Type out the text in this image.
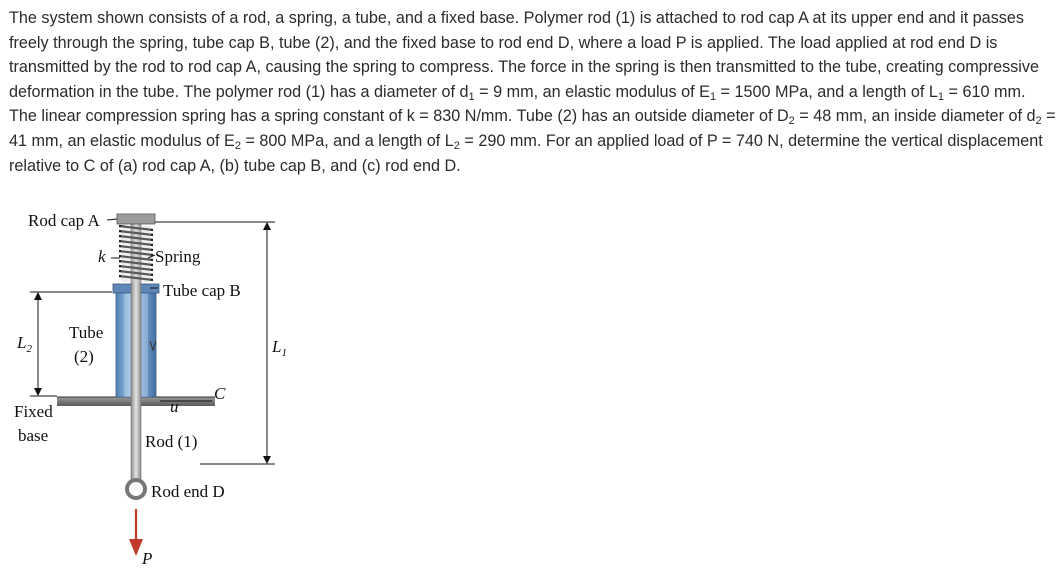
The system shown consists of a rod, a spring, a tube, and a fixed base. Polymer rod (1) is attached to rod cap A at its upper end and it passes freely through the spring, tube cap B, tube (2), and the fixed base to rod end D, where a load P is applied. The load applied at rod end D is transmitted by the rod to rod cap A, causing the spring to compress. The force in the spring is then transmitted to the tube, creating compressive deformation in the tube. The polymer rod (1) has a diameter of $d_1 = 9$ mm, an elastic modulus of $E_1 = 1500$ MPa, and a length of $L_1 = 610$ mm. The linear compression spring has a spring constant of k = 830 N/mm. Tube (2) has an outside diameter of $D_2 = 48$ mm, an inside diameter of $d_2 = 41$ mm, an elastic modulus of $E_2 = 800$ MPa, and a length of $L_2 = 290$ mm. For an applied load of P = 740 N, determine the vertical displacement relative to C of (a) rod cap A, (b) tube cap B, and (c) rod end D.

Rod cap A
k	Spring
Tube cap B
Tube
(2)
$L_2$	$L_1$
Fixed
base
C
u
Rod (1)
Rod end D
P
